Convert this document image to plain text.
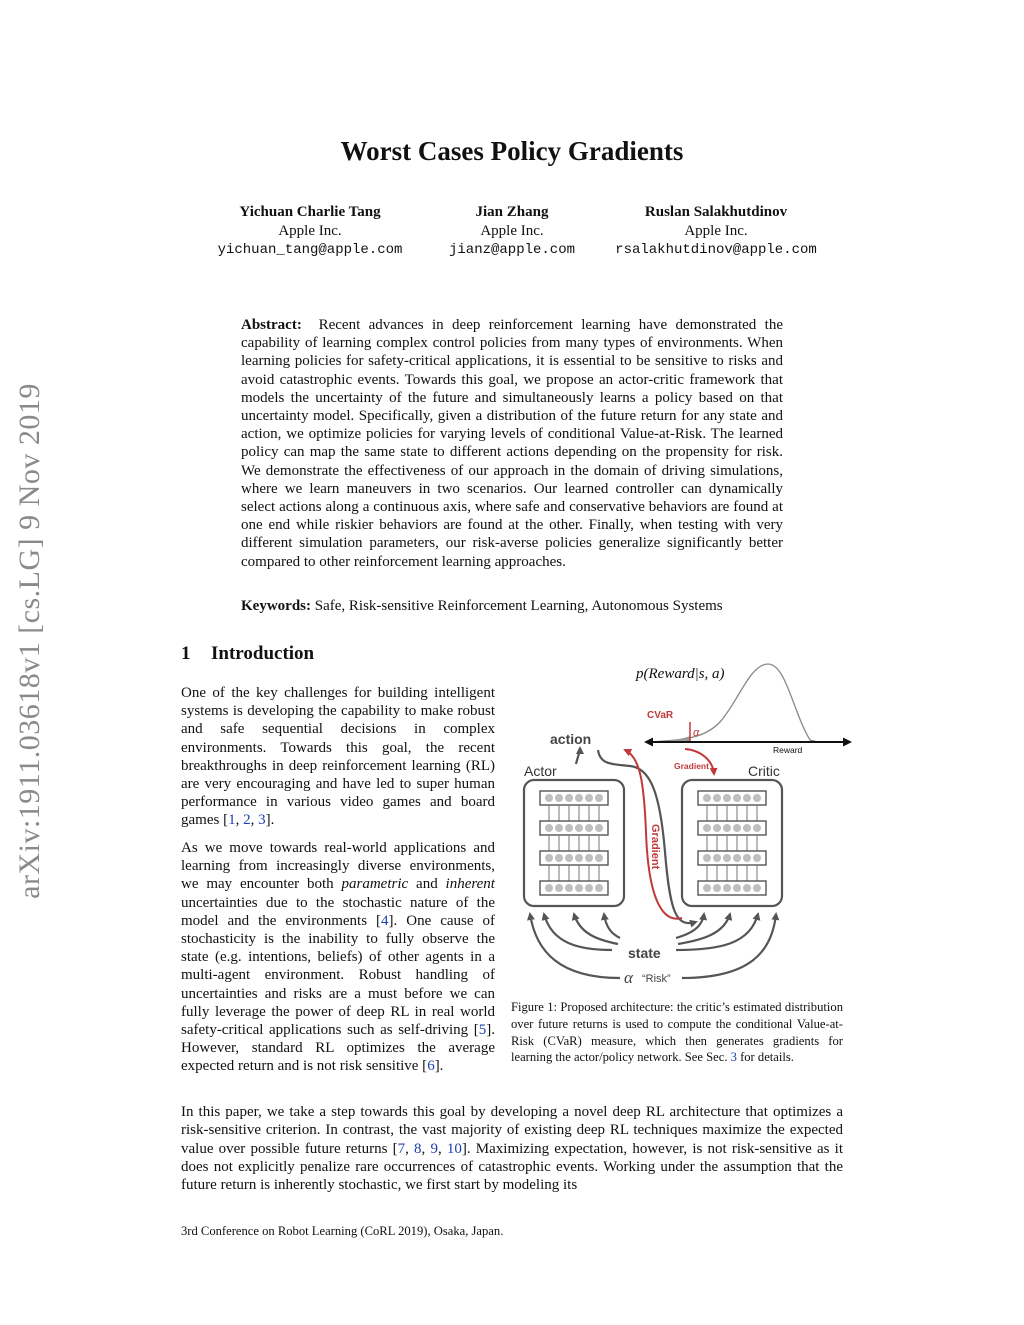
arXiv:1911.03618v1 [cs.LG] 9 Nov 2019
Worst Cases Policy Gradients
Yichuan Charlie Tang
Apple Inc.
yichuan_tang@apple.com
Jian Zhang
Apple Inc.
jianz@apple.com
Ruslan Salakhutdinov
Apple Inc.
rsalakhutdinov@apple.com
Abstract: Recent advances in deep reinforcement learning have demonstrated the capability of learning complex control policies from many types of environments. When learning policies for safety-critical applications, it is essential to be sensitive to risks and avoid catastrophic events. Towards this goal, we propose an actor-critic framework that models the uncertainty of the future and simultaneously learns a policy based on that uncertainty model. Specifically, given a distribution of the future return for any state and action, we optimize policies for varying levels of conditional Value-at-Risk. The learned policy can map the same state to different actions depending on the propensity for risk. We demonstrate the effectiveness of our approach in the domain of driving simulations, where we learn maneuvers in two scenarios. Our learned controller can dynamically select actions along a continuous axis, where safe and conservative behaviors are found at one end while riskier behaviors are found at the other. Finally, when testing with very different simulation parameters, our risk-averse policies generalize significantly better compared to other reinforcement learning approaches.
Keywords: Safe, Risk-sensitive Reinforcement Learning, Autonomous Systems
1 Introduction
One of the key challenges for building intelligent systems is developing the capability to make robust and safe sequential decisions in complex environments. Towards this goal, the recent breakthroughs in deep reinforcement learning (RL) are very encouraging and have led to super human performance in various video games and board games [1, 2, 3].
As we move towards real-world applications and learning from increasingly diverse environments, we may encounter both parametric and inherent uncertainties due to the stochastic nature of the model and the environments [4]. One cause of stochasticity is the inability to fully observe the state (e.g. intentions, beliefs) of other agents in a multi-agent environment. Robust handling of uncertainties and risks are a must before we can fully leverage the power of deep RL in real world safety-critical applications such as self-driving [5]. However, standard RL optimizes the average expected return and is not risk sensitive [6].
p(Reward|s, a)
CVaR
α
Reward
action
Gradient
Gradient
Actor	Critic
state
α “Risk”
Figure 1: Proposed architecture: the critic’s estimated distribution over future returns is used to compute the conditional Value-at-Risk (CVaR) measure, which then generates gradients for learning the actor/policy network. See Sec. 3 for details.
In this paper, we take a step towards this goal by developing a novel deep RL architecture that optimizes a risk-sensitive criterion. In contrast, the vast majority of existing deep RL techniques maximize the expected value over possible future returns [7, 8, 9, 10]. Maximizing expectation, however, is not risk-sensitive as it does not explicitly penalize rare occurrences of catastrophic events. Working under the assumption that the future return is inherently stochastic, we first start by modeling its
3rd Conference on Robot Learning (CoRL 2019), Osaka, Japan.
